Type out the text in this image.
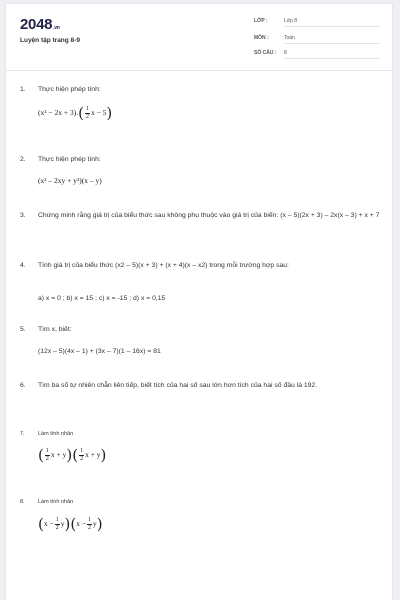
2048.vn
Luyện tập trang 8-9
LỚP :	Lớp 8
MÔN :	Toán
SỐ CÂU : 8
1. Thực hiện phép tính:
$(x^2 - 2x + 3).( \frac{1}{2}$ x − 5)
2. Thực hiện phép tính:
(x² – 2xy + y²)(x – y)
3. Chứng minh rằng giá trị của biểu thức sau không phụ thuộc vào giá trị của biến: (x – 5)(2x + 3) – 2x(x – 3) + x + 7
4. Tính giá trị của biểu thức (x2 – 5)(x + 3) + (x + 4)(x – x2) trong mỗi trường hợp sau:
a) x = 0 ; b) x = 15 ; c) x = -15 ; d) x = 0,15
5. Tìm x, biết:
(12x – 5)(4x – 1) + (3x – 7)(1 – 16x) = 81
6. Tìm ba số tự nhiên chẵn liên tiếp, biết tích của hai số sau lớn hơn tích của hai số đầu là 192.
7. Làm tính nhân
( $\frac{1}{2}$ $x + y)( \frac{1}{2}$ x + y)
8. Làm tính nhân
$(x - \frac{1}{2} y)(x - \frac{1}{2} y)$
